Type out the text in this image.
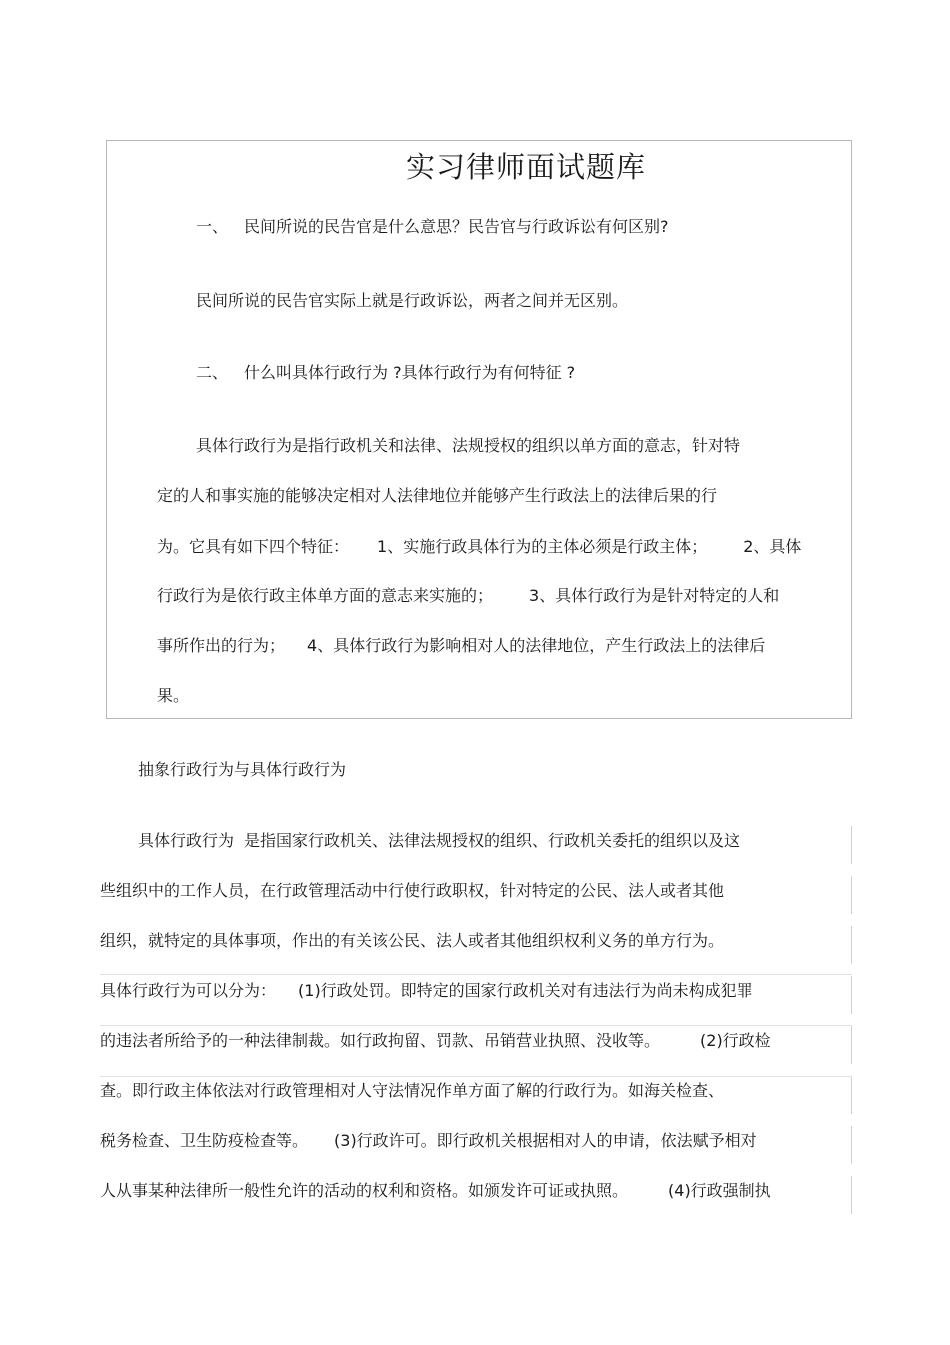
实习律师面试题库
一、 民间所说的民告官是什么意思？民告官与行政诉讼有何区别?
民间所说的民告官实际上就是行政诉讼，两者之间并无区别。
二、 什么叫具体行政行为 ?具体行政行为有何特征 ?
具体行政行为是指行政机关和法律、法规授权的组织以单方面的意志，针对特
定的人和事实施的能够决定相对人法律地位并能够产生行政法上的法律后果的行
为。它具有如下四个特征： 1、实施行政具体行为的主体必须是行政主体； 2、具体
行政行为是依行政主体单方面的意志来实施的； 3、具体行政行为是针对特定的人和
事所作出的行为； 4、具体行政行为影响相对人的法律地位，产生行政法上的法律后
果。
抽象行政行为与具体行政行为
具体行政行为 是指国家行政机关、法律法规授权的组织、行政机关委托的组织以及这
些组织中的工作人员，在行政管理活动中行使行政职权，针对特定的公民、法人或者其他
组织，就特定的具体事项，作出的有关该公民、法人或者其他组织权利义务的单方行为。
具体行政行为可以分为： (1)行政处罚。即特定的国家行政机关对有违法行为尚未构成犯罪
的违法者所给予的一种法律制裁。如行政拘留、罚款、吊销营业执照、没收等。	(2)行政检
查。即行政主体依法对行政管理相对人守法情况作单方面了解的行政行为。如海关检查、
税务检查、卫生防疫检查等。 (3)行政许可。即行政机关根据相对人的申请，依法赋予相对
人从事某种法律所一般性允许的活动的权利和资格。如颁发许可证或执照。	(4)行政强制执
